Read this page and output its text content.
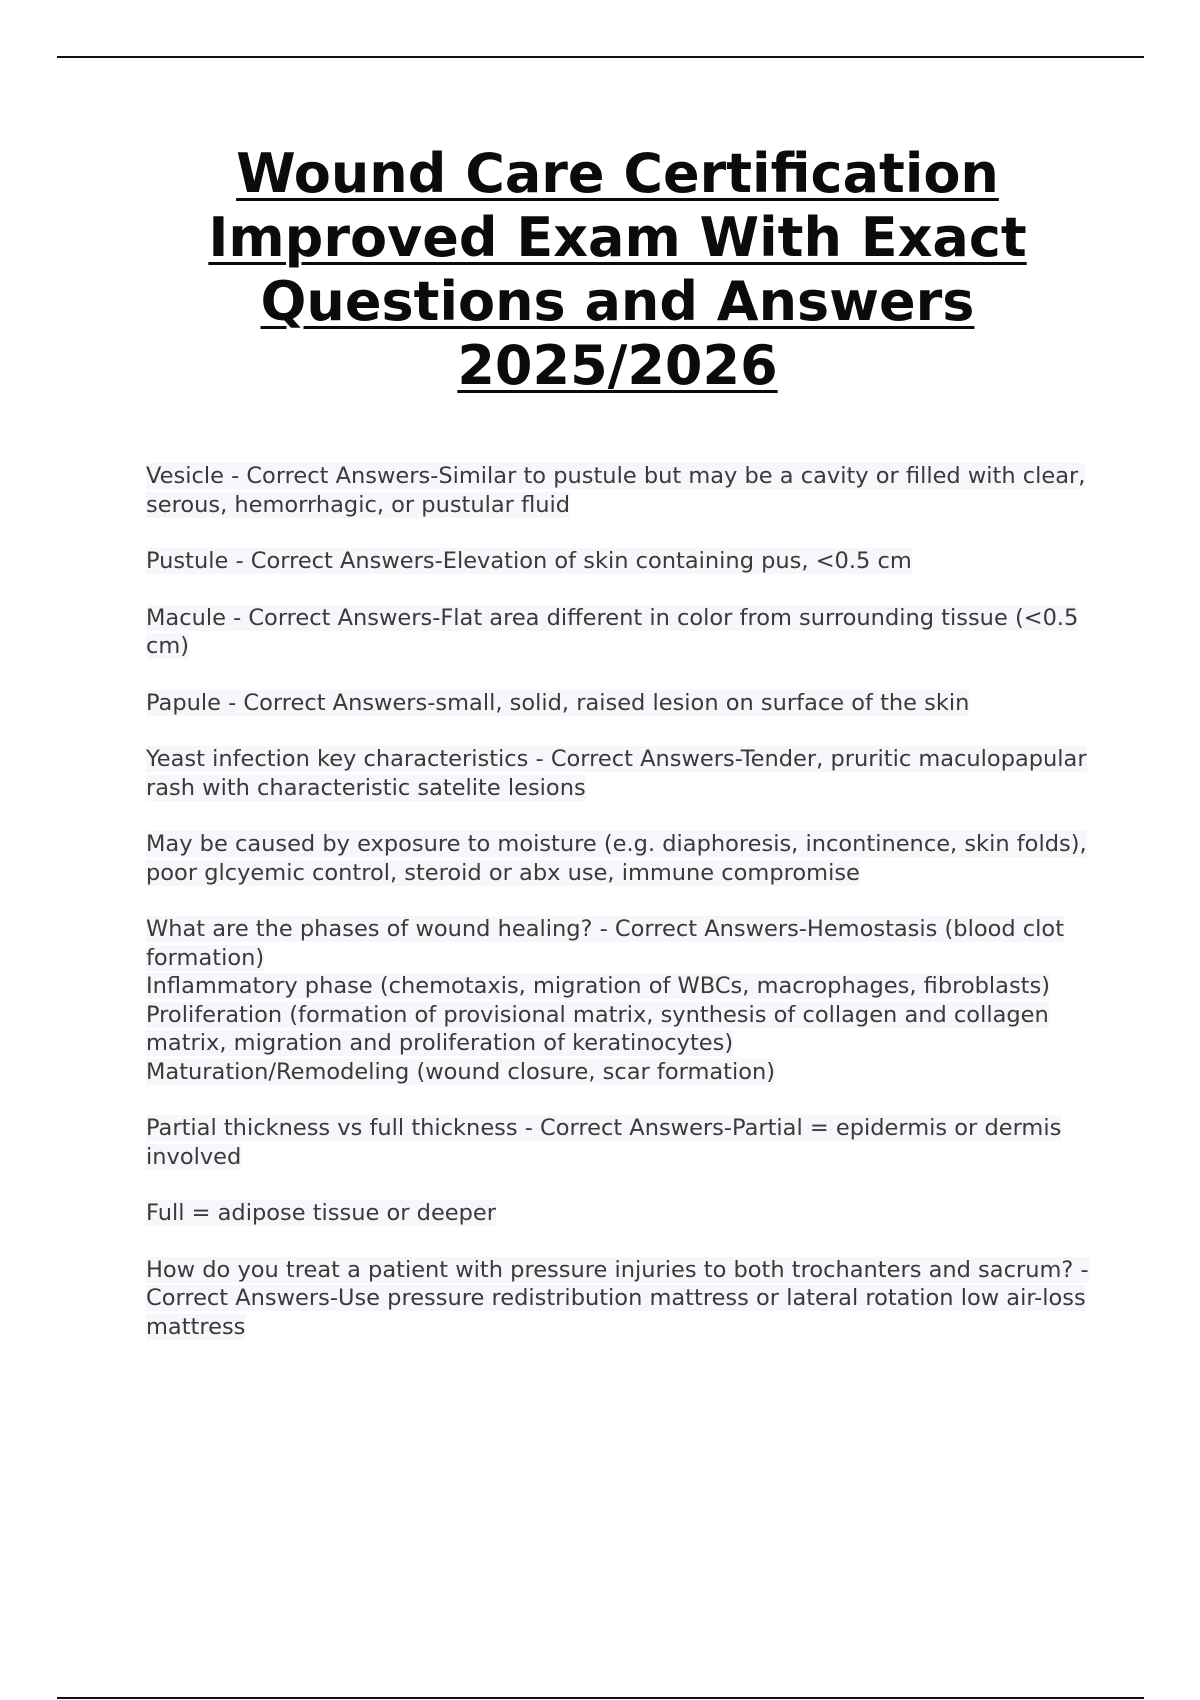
Wound Care Certification Improved Exam With Exact Questions and Answers 2025/2026

Vesicle - Correct Answers-Similar to pustule but may be a cavity or filled with clear, serous, hemorrhagic, or pustular fluid

Pustule - Correct Answers-Elevation of skin containing pus, <0.5 cm

Macule - Correct Answers-Flat area different in color from surrounding tissue (<0.5 cm)

Papule - Correct Answers-small, solid, raised lesion on surface of the skin

Yeast infection key characteristics - Correct Answers-Tender, pruritic maculopapular rash with characteristic satelite lesions

May be caused by exposure to moisture (e.g. diaphoresis, incontinence, skin folds), poor glcyemic control, steroid or abx use, immune compromise

What are the phases of wound healing? - Correct Answers-Hemostasis (blood clot formation)
Inflammatory phase (chemotaxis, migration of WBCs, macrophages, fibroblasts)
Proliferation (formation of provisional matrix, synthesis of collagen and collagen matrix, migration and proliferation of keratinocytes)
Maturation/Remodeling (wound closure, scar formation)

Partial thickness vs full thickness - Correct Answers-Partial = epidermis or dermis involved

Full = adipose tissue or deeper

How do you treat a patient with pressure injuries to both trochanters and sacrum? - Correct Answers-Use pressure redistribution mattress or lateral rotation low air-loss mattress
